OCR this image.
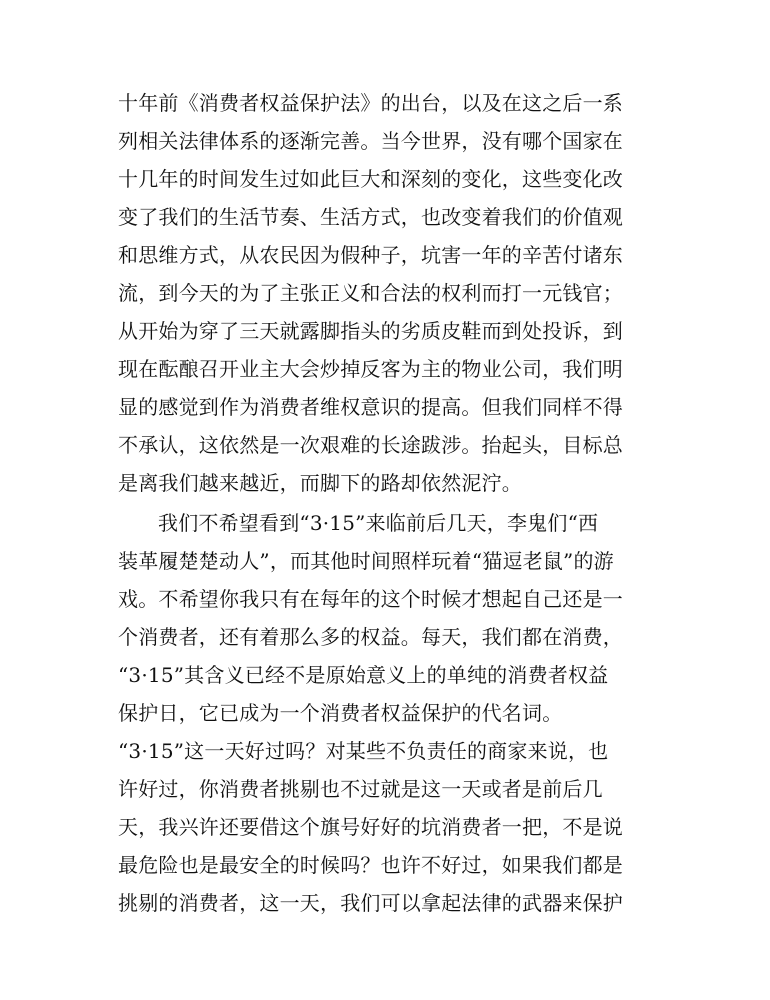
十年前《消费者权益保护法》的出台，以及在这之后一系
列相关法律体系的逐渐完善。当今世界，没有哪个国家在
十几年的时间发生过如此巨大和深刻的变化，这些变化改
变了我们的生活节奏、生活方式，也改变着我们的价值观
和思维方式，从农民因为假种子，坑害一年的辛苦付诸东
流，到今天的为了主张正义和合法的权利而打一元钱官；
从开始为穿了三天就露脚指头的劣质皮鞋而到处投诉，到
现在酝酿召开业主大会炒掉反客为主的物业公司，我们明
显的感觉到作为消费者维权意识的提高。但我们同样不得
不承认，这依然是一次艰难的长途跋涉。抬起头，目标总
是离我们越来越近，而脚下的路却依然泥泞。
我们不希望看到“3·15”来临前后几天，李鬼们“西
装革履楚楚动人”，而其他时间照样玩着“猫逗老鼠”的游
戏。不希望你我只有在每年的这个时候才想起自己还是一
个消费者，还有着那么多的权益。每天，我们都在消费，
“3·15”其含义已经不是原始意义上的单纯的消费者权益
保护日，它已成为一个消费者权益保护的代名词。
“3·15”这一天好过吗？对某些不负责任的商家来说，也
许好过，你消费者挑剔也不过就是这一天或者是前后几
天，我兴许还要借这个旗号好好的坑消费者一把，不是说
最危险也是最安全的时候吗？也许不好过，如果我们都是
挑剔的消费者，这一天，我们可以拿起法律的武器来保护
